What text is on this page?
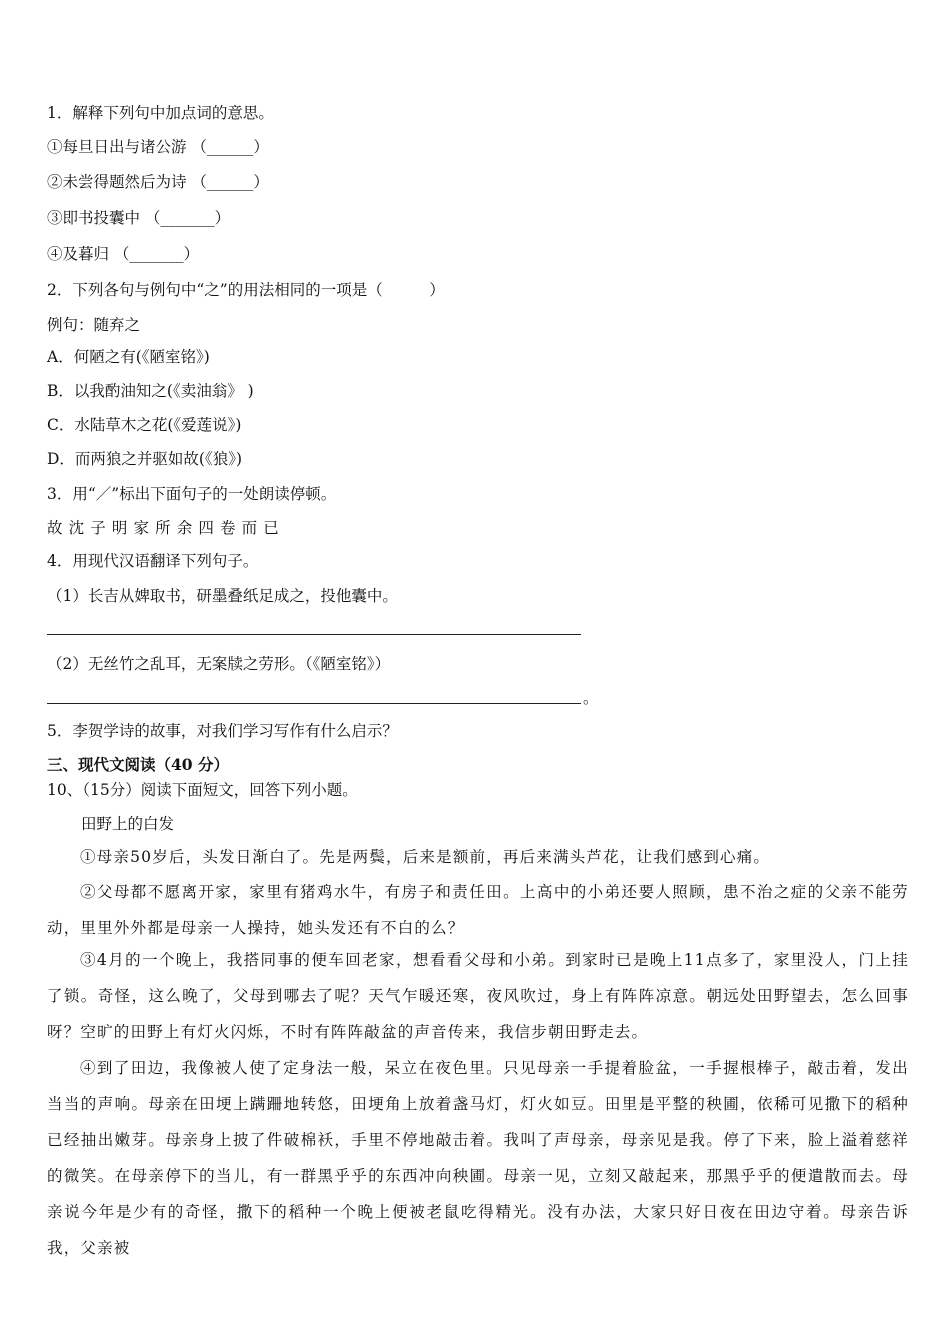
1．解释下列句中加点词的意思。
①每旦日出与诸公游 （______）
②未尝得题然后为诗 （______）
③即书投囊中 （_______）
④及暮归 （_______）
2．下列各句与例句中“之”的用法相同的一项是（　　　）
例句：随弃之
A．何陋之有(《陋室铭》)
B．以我酌油知之(《卖油翁》 )
C．水陆草木之花(《爱莲说》)
D．而两狼之并驱如故(《狼》)
3．用“／”标出下面句子的一处朗读停顿。
故 沈 子 明 家 所 余 四 卷 而 已
4．用现代汉语翻译下列句子。
（1）长吉从婢取书，研墨叠纸足成之，投他囊中。
（2）无丝竹之乱耳，无案牍之劳形。（《陋室铭》）
。
5．李贺学诗的故事，对我们学习写作有什么启示？
三、现代文阅读（40 分）
10、（15分）阅读下面短文，回答下列小题。
田野上的白发
①母亲50岁后，头发日渐白了。先是两鬓，后来是额前，再后来满头芦花，让我们感到心痛。
②父母都不愿离开家，家里有猪鸡水牛，有房子和责任田。上高中的小弟还要人照顾，患不治之症的父亲不能劳动，里里外外都是母亲一人操持，她头发还有不白的么？
③4月的一个晚上，我搭同事的便车回老家，想看看父母和小弟。到家时已是晚上11点多了，家里没人，门上挂了锁。奇怪，这么晚了，父母到哪去了呢？天气乍暖还寒，夜风吹过，身上有阵阵凉意。朝远处田野望去，怎么回事呀？空旷的田野上有灯火闪烁，不时有阵阵敲盆的声音传来，我信步朝田野走去。
④到了田边，我像被人使了定身法一般，呆立在夜色里。只见母亲一手提着脸盆，一手握根棒子，敲击着，发出当当的声响。母亲在田埂上蹒跚地转悠，田埂角上放着盏马灯，灯火如豆。田里是平整的秧圃，依稀可见撒下的稻种已经抽出嫩芽。母亲身上披了件破棉袄，手里不停地敲击着。我叫了声母亲，母亲见是我。停了下来，脸上溢着慈祥的微笑。在母亲停下的当儿，有一群黑乎乎的东西冲向秧圃。母亲一见，立刻又敲起来，那黑乎乎的便遣散而去。母亲说今年是少有的奇怪，撒下的稻种一个晚上便被老鼠吃得精光。没有办法，大家只好日夜在田边守着。母亲告诉我，父亲被
